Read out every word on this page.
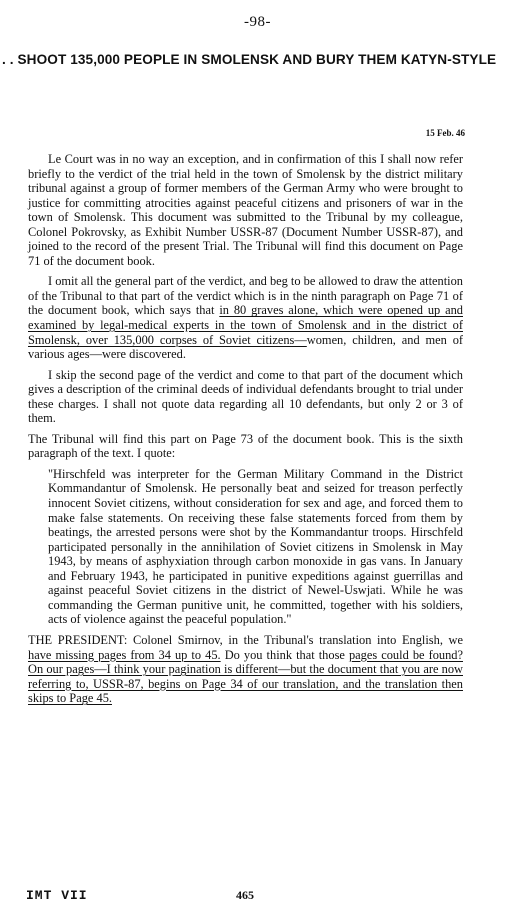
-98-
. . SHOOT 135,000 PEOPLE IN SMOLENSK AND BURY THEM KATYN-STYLE
15 Feb. 46

Le Court was in no way an exception, and in confirmation of this I shall now refer briefly to the verdict of the trial held in the town of Smolensk by the district military tribunal against a group of former members of the German Army who were brought to justice for committing atrocities against peaceful citizens and prisoners of war in the town of Smolensk. This document was submitted to the Tribunal by my colleague, Colonel Pokrovsky, as Exhibit Number USSR-87 (Document Number USSR-87), and joined to the record of the present Trial. The Tribunal will find this document on Page 71 of the document book.

I omit all the general part of the verdict, and beg to be allowed to draw the attention of the Tribunal to that part of the verdict which is in the ninth paragraph on Page 71 of the document book, which says that in 80 graves alone, which were opened up and examined by legal-medical experts in the town of Smolensk and in the district of Smolensk, over 135,000 corpses of Soviet citizens—women, children, and men of various ages—were discovered.

I skip the second page of the verdict and come to that part of the document which gives a description of the criminal deeds of individual defendants brought to trial under these charges. I shall not quote data regarding all 10 defendants, but only 2 or 3 of them.

The Tribunal will find this part on Page 73 of the document book. This is the sixth paragraph of the text. I quote:

"Hirschfeld was interpreter for the German Military Command in the District Kommandantur of Smolensk. He personally beat and seized for treason perfectly innocent Soviet citizens, without consideration for sex and age, and forced them to make false statements. On receiving these false statements forced from them by beatings, the arrested persons were shot by the Kommandantur troops. Hirschfeld participated personally in the annihilation of Soviet citizens in Smolensk in May 1943, by means of asphyxiation through carbon monoxide in gas vans. In January and February 1943, he participated in punitive expeditions against guerrillas and against peaceful Soviet citizens in the district of Newel-Uswjati. While he was commanding the German punitive unit, he committed, together with his soldiers, acts of violence against the peaceful population."

THE PRESIDENT: Colonel Smirnov, in the Tribunal's translation into English, we have missing pages from 34 up to 45. Do you think that those pages could be found? On our pages—I think your pagination is different—but the document that you are now referring to, USSR-87, begins on Page 34 of our translation, and the translation then skips to Page 45.

IMT VII	465
